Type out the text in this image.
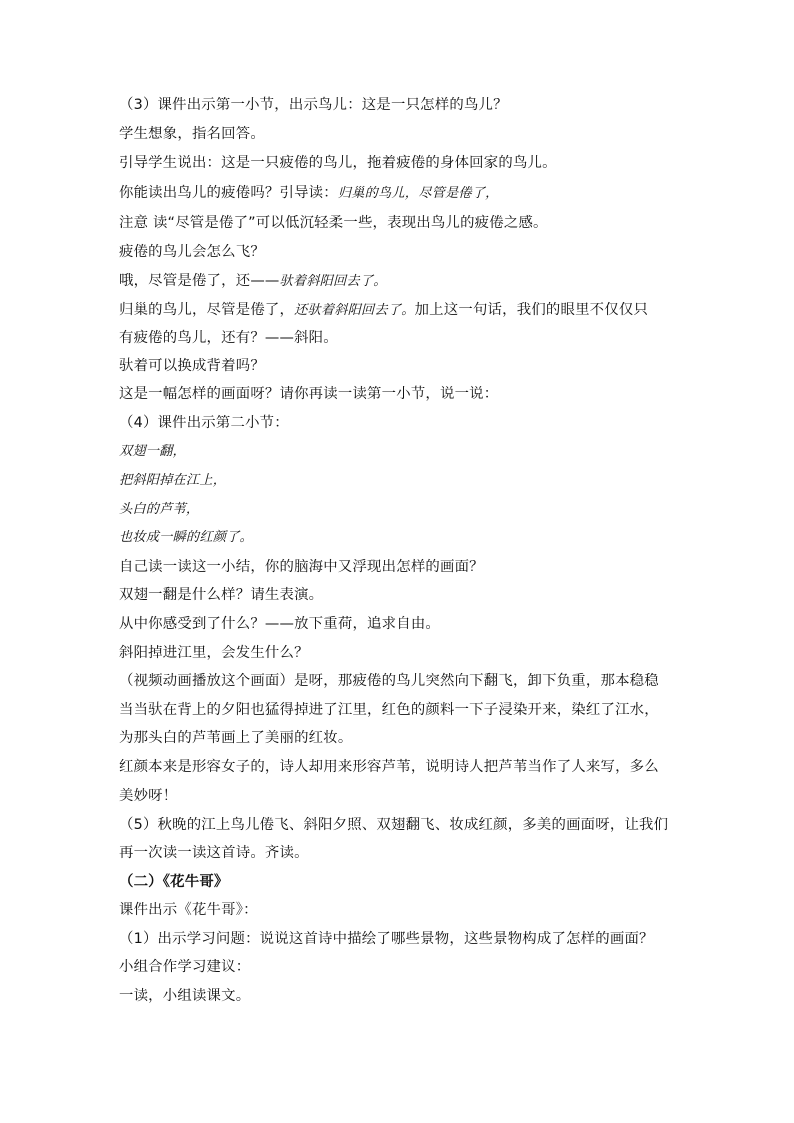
（3）课件出示第一小节，出示鸟儿：这是一只怎样的鸟儿？

学生想象，指名回答。

引导学生说出：这是一只疲倦的鸟儿，拖着疲倦的身体回家的鸟儿。

你能读出鸟儿的疲倦吗？引导读：归巢的鸟儿，尽管是倦了，

注意 读“尽管是倦了”可以低沉轻柔一些，表现出鸟儿的疲倦之感。

疲倦的鸟儿会怎么飞？

哦，尽管是倦了，还——驮着斜阳回去了。

归巢的鸟儿，尽管是倦了，还驮着斜阳回去了。加上这一句话，我们的眼里不仅仅只

有疲倦的鸟儿，还有？——斜阳。

驮着可以换成背着吗？

这是一幅怎样的画面呀？请你再读一读第一小节，说一说：

（4）课件出示第二小节：

双翅一翻，

把斜阳掉在江上，

头白的芦苇，

也妆成一瞬的红颜了。

自己读一读这一小结，你的脑海中又浮现出怎样的画面？

双翅一翻是什么样？请生表演。

从中你感受到了什么？——放下重荷，追求自由。

斜阳掉进江里，会发生什么？

（视频动画播放这个画面）是呀，那疲倦的鸟儿突然向下翻飞，卸下负重，那本稳稳

当当驮在背上的夕阳也猛得掉进了江里，红色的颜料一下子浸染开来，染红了江水，

为那头白的芦苇画上了美丽的红妆。

红颜本来是形容女子的，诗人却用来形容芦苇，说明诗人把芦苇当作了人来写，多么

美妙呀！

（5）秋晚的江上鸟儿倦飞、斜阳夕照、双翅翻飞、妆成红颜，多美的画面呀，让我们

再一次读一读这首诗。齐读。

（二）《花牛哥》

课件出示《花牛哥》：

（1）出示学习问题：说说这首诗中描绘了哪些景物，这些景物构成了怎样的画面？

小组合作学习建议：

一读，小组读课文。
